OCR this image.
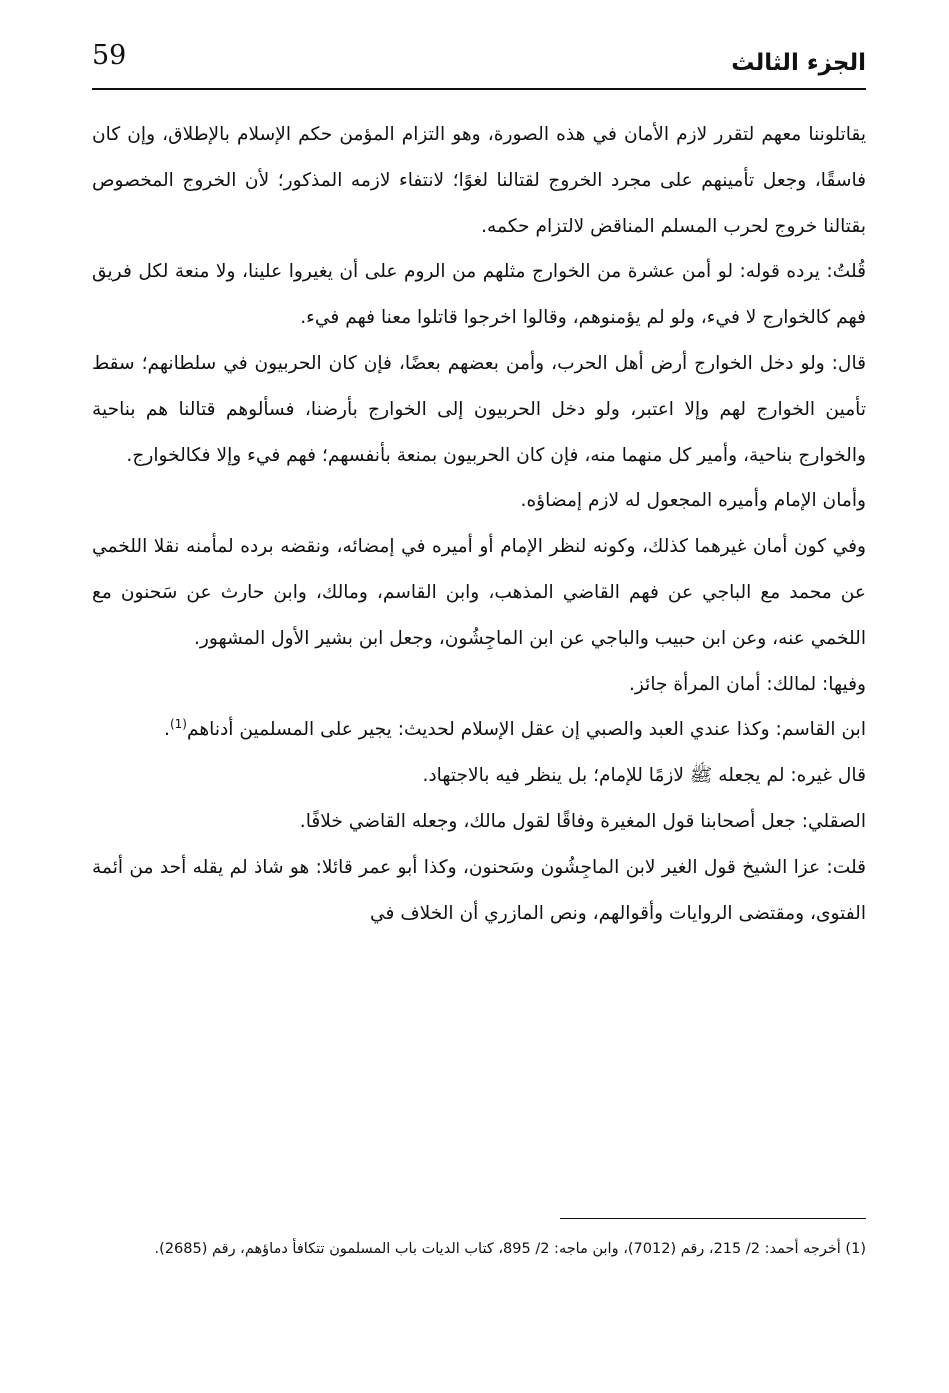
59	الجزء الثالث

يقاتلوننا معهم لتقرر لازم الأمان في هذه الصورة، وهو التزام المؤمن حكم الإسلام بالإطلاق، وإن كان فاسقًا، وجعل تأمينهم على مجرد الخروج لقتالنا لغوًا؛ لانتفاء لازمه المذكور؛ لأن الخروج المخصوص بقتالنا خروج لحرب المسلم المناقض لالتزام حكمه.

قُلتُ: يرده قوله: لو أمن عشرة من الخوارج مثلهم من الروم على أن يغيروا علينا، ولا منعة لكل فريق فهم كالخوارج لا فيء، ولو لم يؤمنوهم، وقالوا اخرجوا قاتلوا معنا فهم فيء.

قال: ولو دخل الخوارج أرض أهل الحرب، وأمن بعضهم بعضًا، فإن كان الحربيون في سلطانهم؛ سقط تأمين الخوارج لهم وإلا اعتبر، ولو دخل الحربيون إلى الخوارج بأرضنا، فسألوهم قتالنا هم بناحية والخوارج بناحية، وأمير كل منهما منه، فإن كان الحربيون بمنعة بأنفسهم؛ فهم فيء وإلا فكالخوارج.

وأمان الإمام وأميره المجعول له لازم إمضاؤه.

وفي كون أمان غيرهما كذلك، وكونه لنظر الإمام أو أميره في إمضائه، ونقضه برده لمأمنه نقلا اللخمي عن محمد مع الباجي عن فهم القاضي المذهب، وابن القاسم، ومالك، وابن حارث عن سَحنون مع اللخمي عنه، وعن ابن حبيب والباجي عن ابن الماجِشُون، وجعل ابن بشير الأول المشهور.

وفيها: لمالك: أمان المرأة جائز.

ابن القاسم: وكذا عندي العبد والصبي إن عقل الإسلام لحديث: يجير على المسلمين أدناهم$^{(1)}$.

قال غيره: لم يجعله ﷺ لازمًا للإمام؛ بل ينظر فيه بالاجتهاد.

الصقلي: جعل أصحابنا قول المغيرة وفاقًا لقول مالك، وجعله القاضي خلافًا.

قلت: عزا الشيخ قول الغير لابن الماجِشُون وسَحنون، وكذا أبو عمر قائلا: هو شاذ لم يقله أحد من أئمة الفتوى، ومقتضى الروايات وأقوالهم، ونص المازري أن الخلاف في

(1) أخرجه أحمد: 2/ 215، رقم (7012)، وابن ماجه: 2/ 895، كتاب الديات باب المسلمون تتكافأ دماؤهم، رقم (2685).
